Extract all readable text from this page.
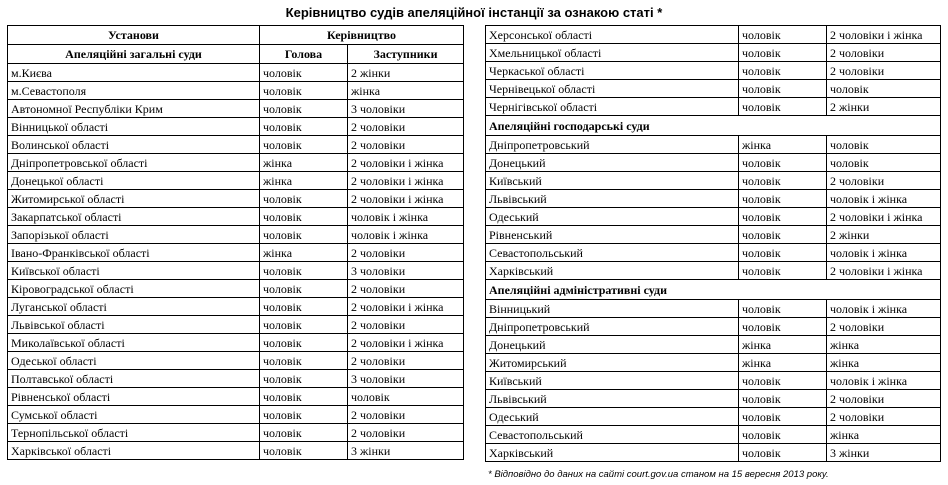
Керівництво судів апеляційної інстанції за ознакою статі *
Установи	Керівництво	
Апеляційні загальні суди	Голова	Заступники
м.Києва	чоловік	2 жінки
м.Севастополя	чоловік	жінка
Автономної Республіки Крим	чоловік	3 чоловіки
Вінницької області	чоловік	2 чоловіки
Волинської області	чоловік	2 чоловіки
Дніпропетровської області	жінка	2 чоловіки і жінка
Донецької області	жінка	2 чоловіки і жінка
Житомирської області	чоловік	2 чоловіки і жінка
Закарпатської області	чоловік	чоловік і жінка
Запорізької області	чоловік	чоловік і жінка
Івано-Франківської області	жінка	2 чоловіки
Київської області	чоловік	3 чоловіки
Кіровоградської області	чоловік	2 чоловіки
Луганської області	чоловік	2 чоловіки і жінка
Львівської області	чоловік	2 чоловіки
Миколаївської області	чоловік	2 чоловіки і жінка
Одеської області	чоловік	2 чоловіки
Полтавської області	чоловік	3 чоловіки
Рівненської області	чоловік	чоловік
Сумської області	чоловік	2 чоловіки
Тернопільської області	чоловік	2 чоловіки
Харківської області	чоловік	3 жінки
Херсонської області	чоловік	2 чоловіки і жінка
Хмельницької області	чоловік	2 чоловіки
Черкаської області	чоловік	2 чоловіки
Чернівецької області	чоловік	чоловік
Чернігівської області	чоловік	2 жінки
Апеляційні господарські суди		
Дніпропетровський	жінка	чоловік
Донецький	чоловік	чоловік
Київський	чоловік	2 чоловіки
Львівський	чоловік	чоловік і жінка
Одеський	чоловік	2 чоловіки і жінка
Рівненський	чоловік	2 жінки
Севастопольський	чоловік	чоловік і жінка
Харківський	чоловік	2 чоловіки і жінка
Апеляційні адміністративні суди		
Вінницький	чоловік	чоловік і жінка
Дніпропетровський	чоловік	2 чоловіки
Донецький	жінка	жінка
Житомирський	жінка	жінка
Київський	чоловік	чоловік і жінка
Львівський	чоловік	2 чоловіки
Одеський	чоловік	2 чоловіки
Севастопольський	чоловік	жінка
Харківський	чоловік	3 жінки
* Відповідно до даних на сайті court.gov.ua станом на 15 вересня 2013 року.
